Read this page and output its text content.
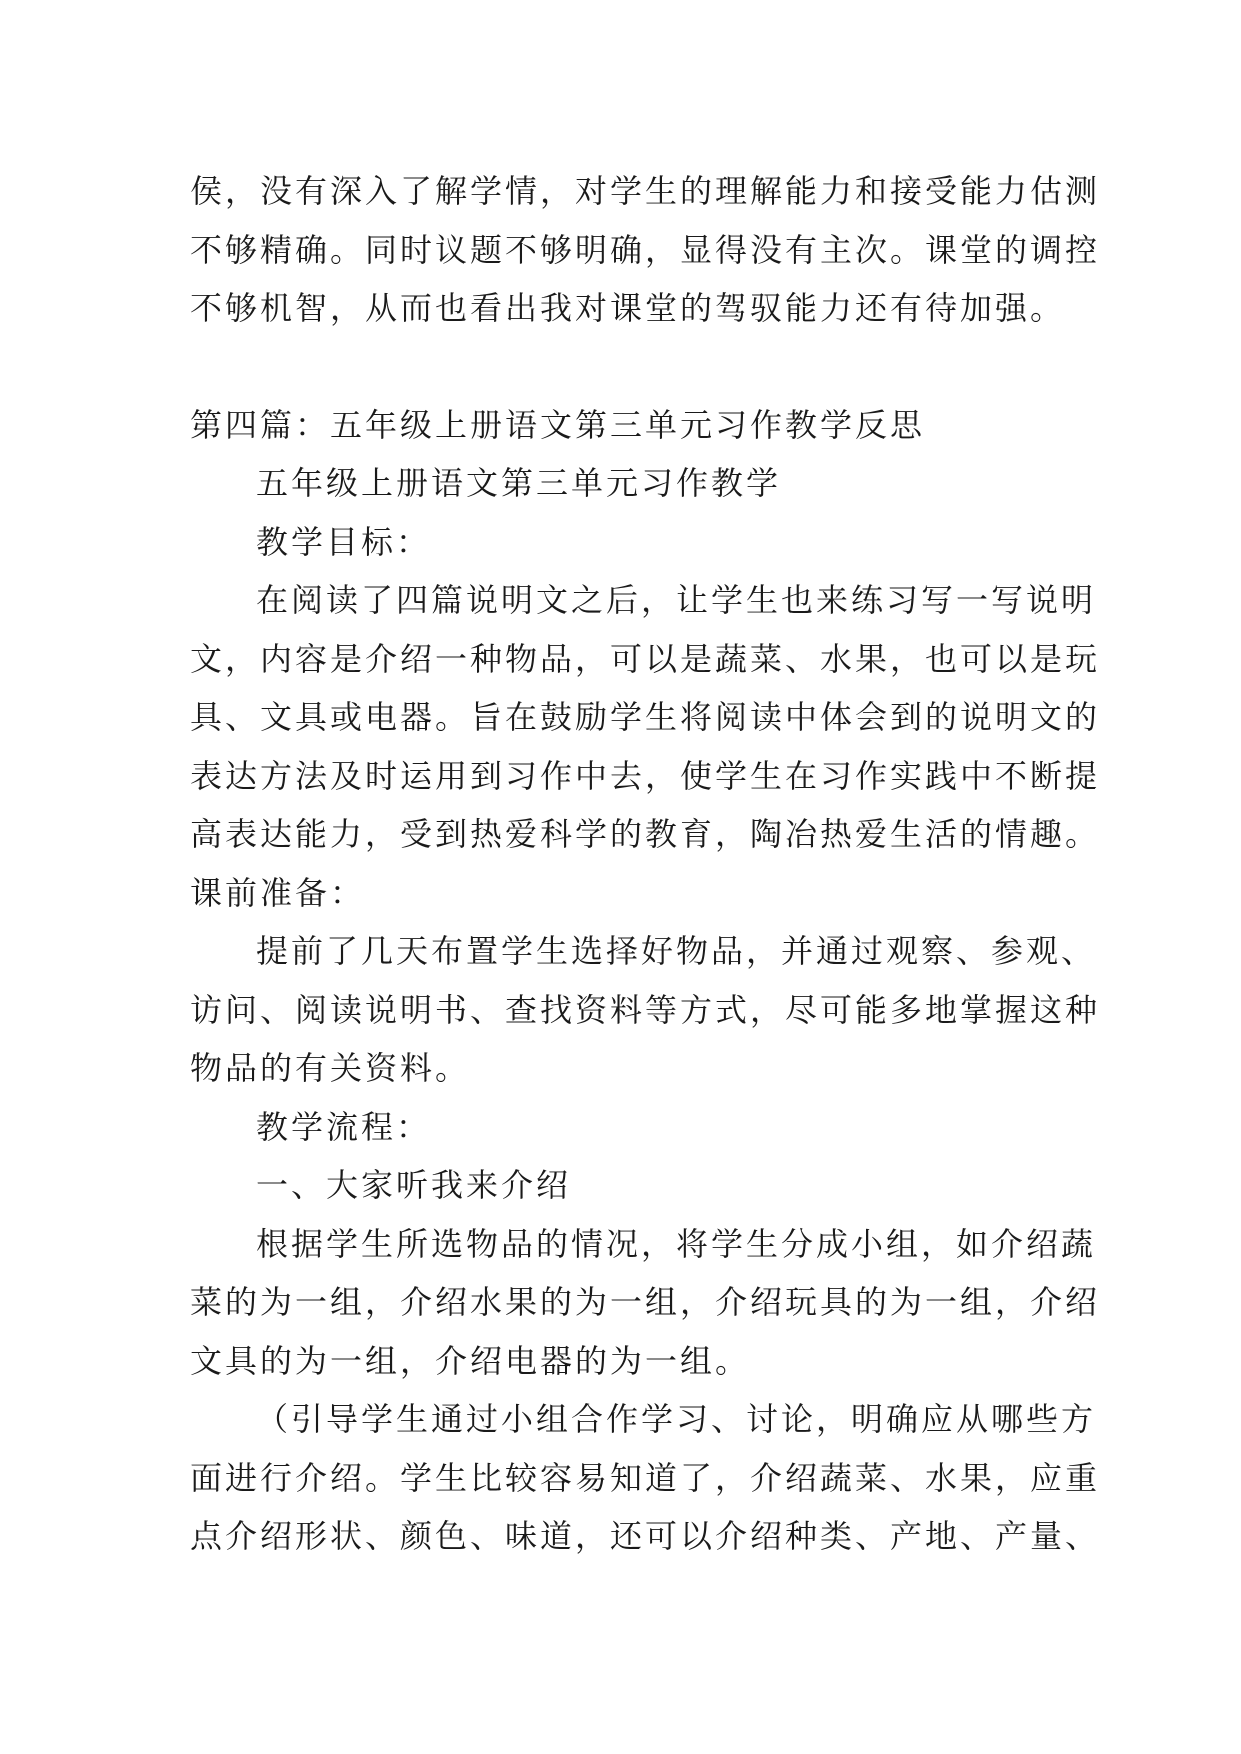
侯，没有深入了解学情，对学生的理解能力和接受能力估测
不够精确。同时议题不够明确，显得没有主次。课堂的调控
不够机智，从而也看出我对课堂的驾驭能力还有待加强。
第四篇：五年级上册语文第三单元习作教学反思
五年级上册语文第三单元习作教学
教学目标：
在阅读了四篇说明文之后，让学生也来练习写一写说明
文，内容是介绍一种物品，可以是蔬菜、水果，也可以是玩
具、文具或电器。旨在鼓励学生将阅读中体会到的说明文的
表达方法及时运用到习作中去，使学生在习作实践中不断提
高表达能力，受到热爱科学的教育，陶冶热爱生活的情趣。
课前准备：
提前了几天布置学生选择好物品，并通过观察、参观、
访问、阅读说明书、查找资料等方式，尽可能多地掌握这种
物品的有关资料。
教学流程：
一、大家听我来介绍
根据学生所选物品的情况，将学生分成小组，如介绍蔬
菜的为一组，介绍水果的为一组，介绍玩具的为一组，介绍
文具的为一组，介绍电器的为一组。
（引导学生通过小组合作学习、讨论，明确应从哪些方
面进行介绍。学生比较容易知道了，介绍蔬菜、水果，应重
点介绍形状、颜色、味道，还可以介绍种类、产地、产量、
